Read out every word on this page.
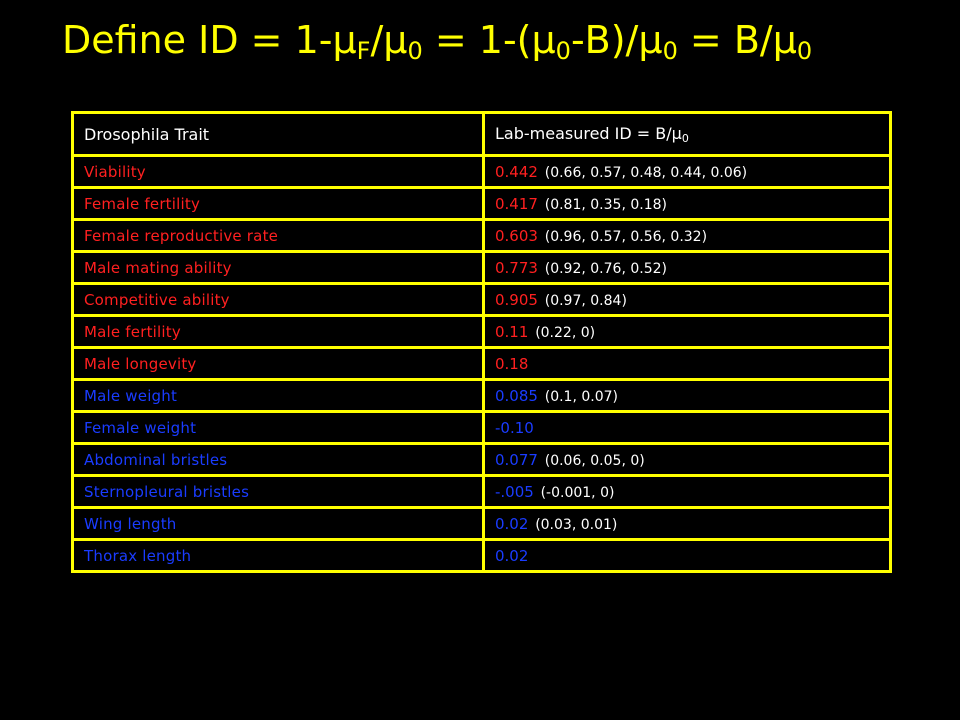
Define ID = $1-\mu_F/\mu_0 = 1-(\mu_0-B)/\mu_0 = B/\mu_0$
Drosophila Trait	Lab-measured ID = $B/\mu_0$
Viability	0.442 (0.66, 0.57, 0.48, 0.44, 0.06)
Female fertility	0.417 (0.81, 0.35, 0.18)
Female reproductive rate	0.603 (0.96, 0.57, 0.56, 0.32)
Male mating ability	0.773 (0.92, 0.76, 0.52)
Competitive ability	0.905 (0.97, 0.84)
Male fertility	0.11 (0.22, 0)
Male longevity	0.18
Male weight	0.085 (0.1, 0.07)
Female weight	-0.10
Abdominal bristles	0.077 (0.06, 0.05, 0)
Sternopleural bristles	-.005 (-0.001, 0)
Wing length	0.02 (0.03, 0.01)
Thorax length	0.02
